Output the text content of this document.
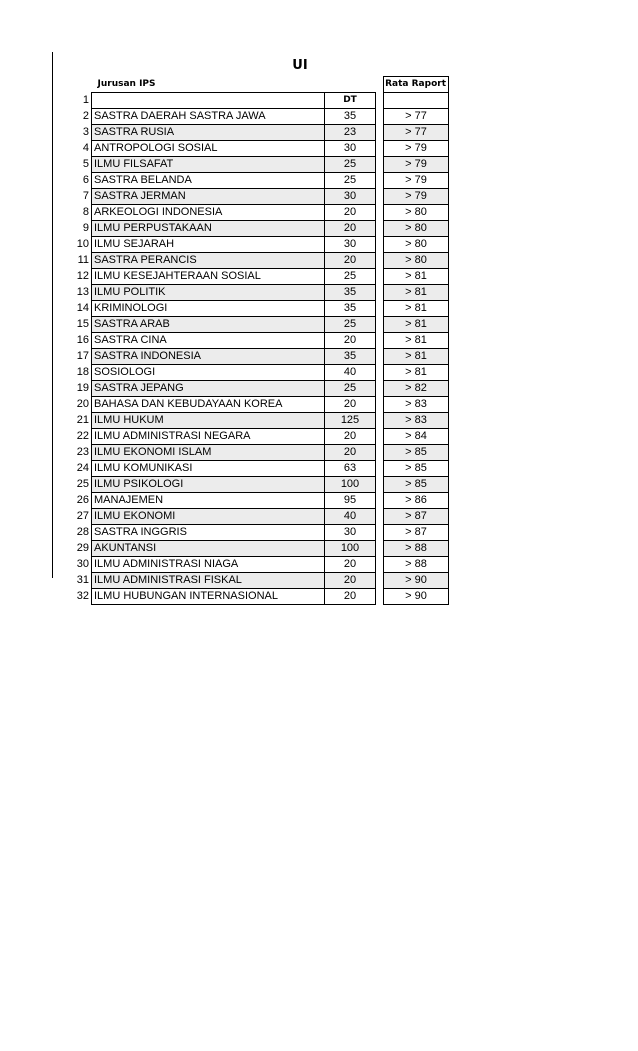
UI
	Jurusan IPS			Rata Raport
1		DT		
2	SASTRA DAERAH SASTRA JAWA	35		> 77
3	SASTRA RUSIA	23		> 77
4	ANTROPOLOGI SOSIAL	30		> 79
5	ILMU FILSAFAT	25		> 79
6	SASTRA BELANDA	25		> 79
7	SASTRA JERMAN	30		> 79
8	ARKEOLOGI INDONESIA	20		> 80
9	ILMU PERPUSTAKAAN	20		> 80
10	ILMU SEJARAH	30		> 80
11	SASTRA PERANCIS	20		> 80
12	ILMU KESEJAHTERAAN SOSIAL	25		> 81
13	ILMU POLITIK	35		> 81
14	KRIMINOLOGI	35		> 81
15	SASTRA ARAB	25		> 81
16	SASTRA CINA	20		> 81
17	SASTRA INDONESIA	35		> 81
18	SOSIOLOGI	40		> 81
19	SASTRA JEPANG	25		> 82
20	BAHASA DAN KEBUDAYAAN KOREA	20		> 83
21	ILMU HUKUM	125		> 83
22	ILMU ADMINISTRASI NEGARA	20		> 84
23	ILMU EKONOMI ISLAM	20		> 85
24	ILMU KOMUNIKASI	63		> 85
25	ILMU PSIKOLOGI	100		> 85
26	MANAJEMEN	95		> 86
27	ILMU EKONOMI	40		> 87
28	SASTRA INGGRIS	30		> 87
29	AKUNTANSI	100		> 88
30	ILMU ADMINISTRASI NIAGA	20		> 88
31	ILMU ADMINISTRASI FISKAL	20		> 90
32	ILMU HUBUNGAN INTERNASIONAL	20		> 90
